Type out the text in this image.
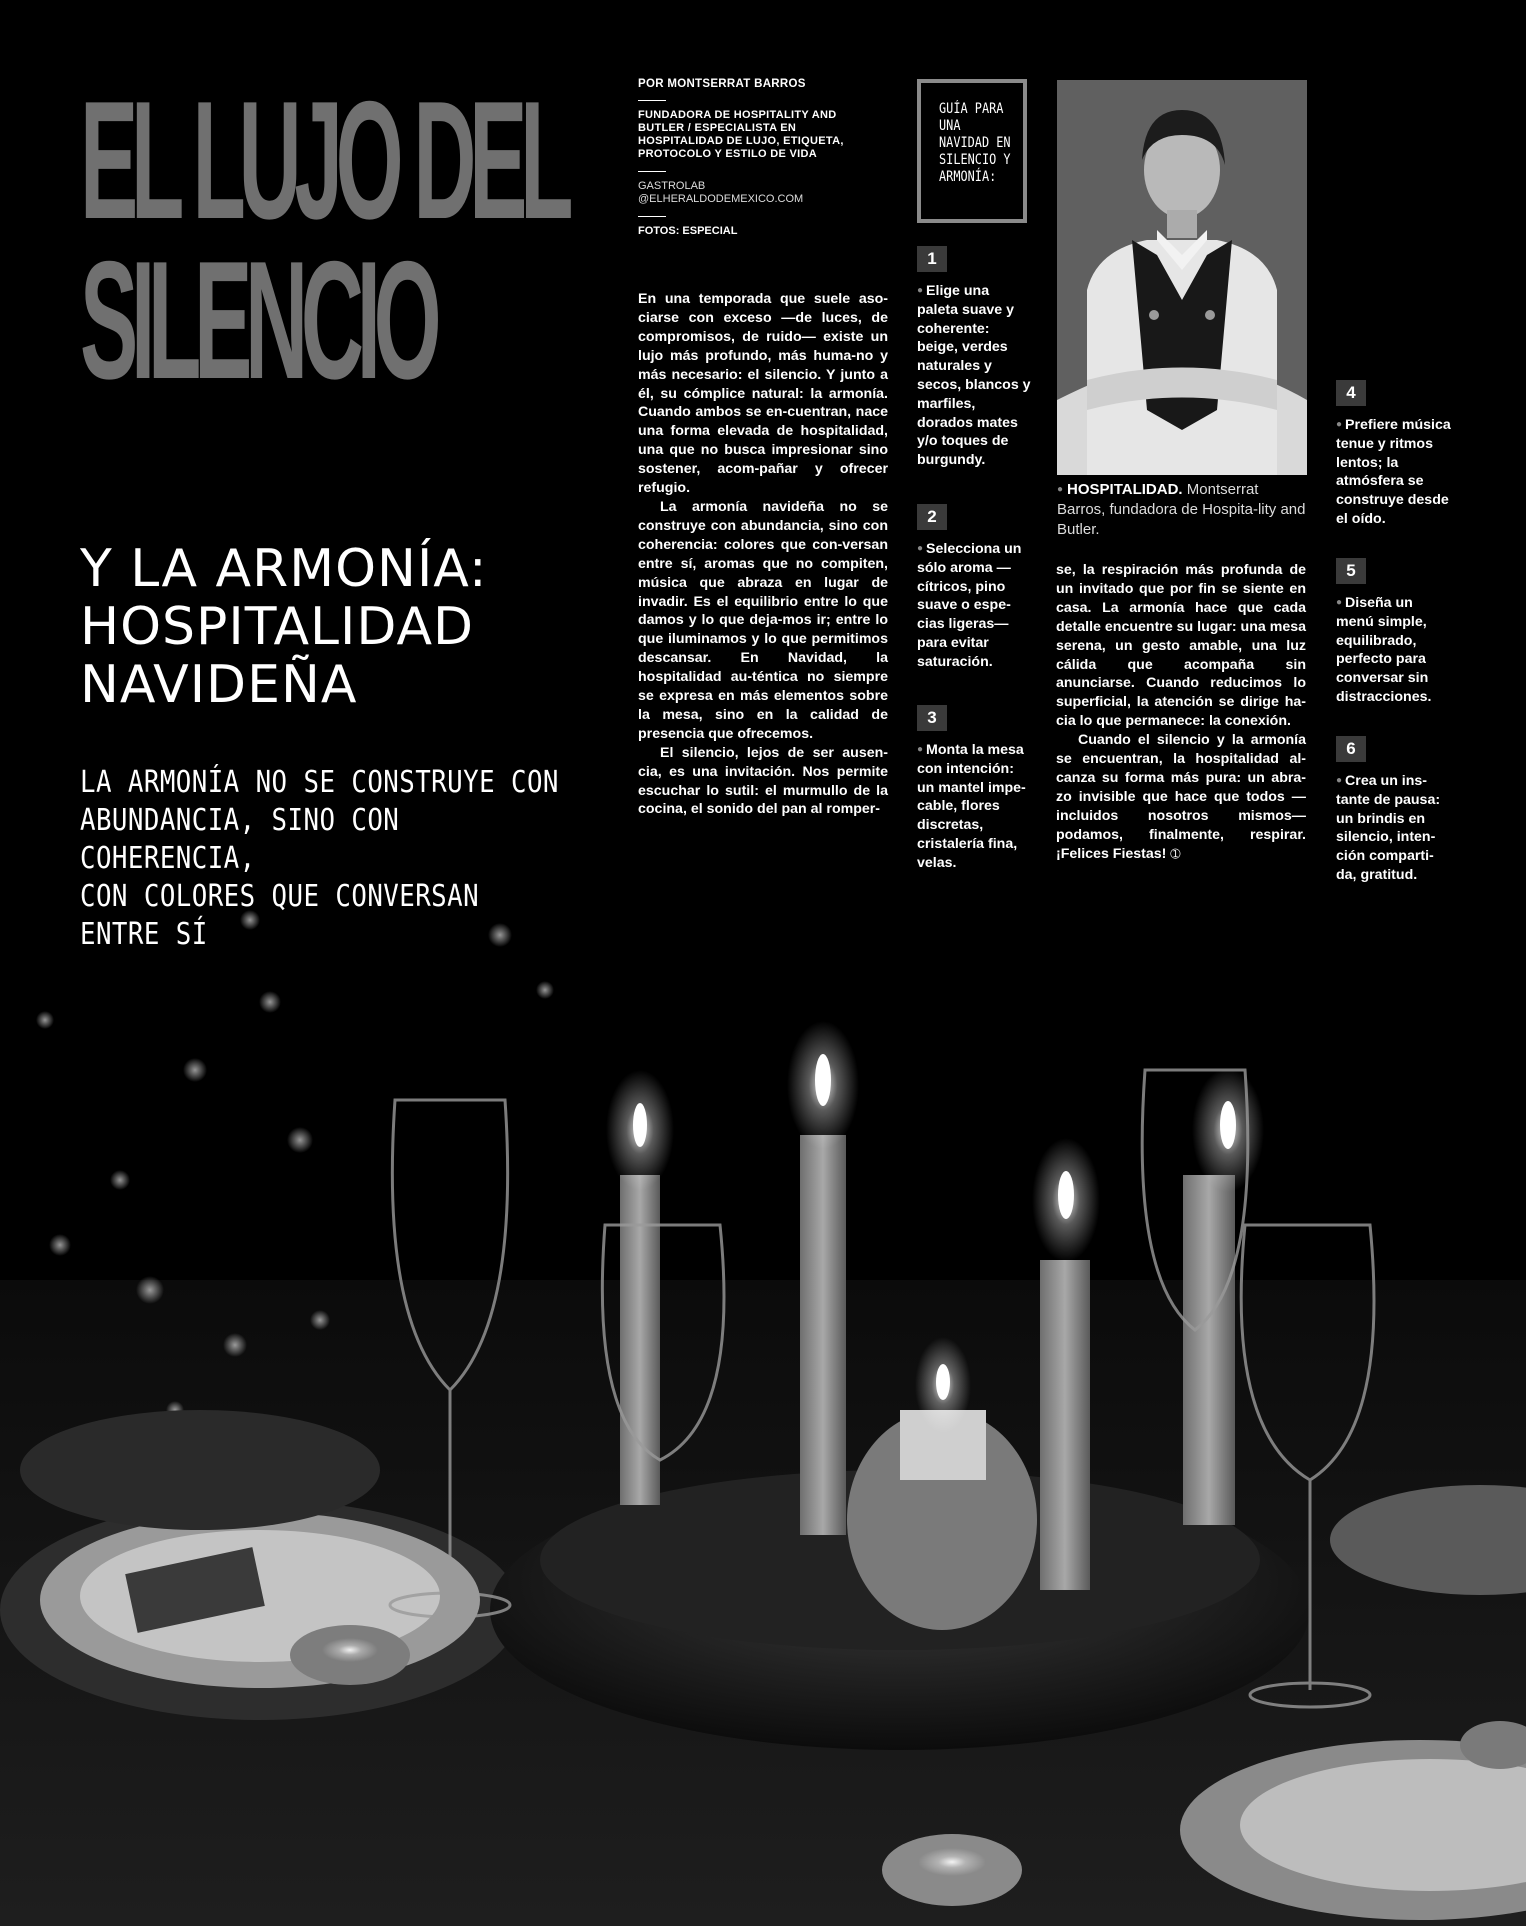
EL LUJO DEL
SILENCIO
Y LA ARMONÍA:
HOSPITALIDAD
NAVIDEÑA
LA ARMONÍA NO SE CONSTRUYE CON
ABUNDANCIA, SINO CON COHERENCIA,
CON COLORES QUE CONVERSAN ENTRE SÍ
POR MONTSERRAT BARROS
FUNDADORA DE HOSPITALITY AND BUTLER / ESPECIALISTA EN HOSPITALIDAD DE LUJO, ETIQUETA, PROTOCOLO Y ESTILO DE VIDA
GASTROLAB
@ELHERALDODEMEXICO.COM
FOTOS: ESPECIAL

En una temporada que suele aso-ciarse con exceso —de luces, de compromisos, de ruido— existe un lujo más profundo, más huma-no y más necesario: el silencio. Y junto a él, su cómplice natural: la armonía. Cuando ambos se en-cuentran, nace una forma elevada de hospitalidad, una que no busca impresionar sino sostener, acom-pañar y ofrecer refugio.

La armonía navideña no se construye con abundancia, sino con coherencia: colores que con-versan entre sí, aromas que no compiten, música que abraza en lugar de invadir. Es el equilibrio entre lo que damos y lo que deja-mos ir; entre lo que iluminamos y lo que permitimos descansar. En Navidad, la hospitalidad au-téntica no siempre se expresa en más elementos sobre la mesa, sino en la calidad de presencia que ofrecemos.

El silencio, lejos de ser ausen-cia, es una invitación. Nos permite escuchar lo sutil: el murmullo de la cocina, el sonido del pan al romper-

GUÍA PARA UNA NAVIDAD EN SILENCIO Y ARMONÍA:
1
● Elige una paleta suave y coherente: beige, verdes naturales y secos, blancos y marfiles, dorados mates y/o toques de burgundy.
2
● Selecciona un sólo aroma —cítricos, pino suave o espe-cias ligeras— para evitar saturación.
3
● Monta la mesa con intención: un mantel impe-cable, flores discretas, cristalería fina, velas.
● HOSPITALIDAD. Montserrat Barros, fundadora de Hospita-lity and Butler.

se, la respiración más profunda de un invitado que por fin se siente en casa. La armonía hace que cada detalle encuentre su lugar: una mesa serena, un gesto amable, una luz cálida que acompaña sin anunciarse. Cuando reducimos lo superficial, la atención se dirige ha-cia lo que permanece: la conexión.

Cuando el silencio y la armonía se encuentran, la hospitalidad al-canza su forma más pura: un abra-zo invisible que hace que todos —incluidos nosotros mismos— podamos, finalmente, respirar. ¡Felices Fiestas! ➀

4
● Prefiere música tenue y ritmos lentos; la atmósfera se construye desde el oído.
5
● Diseña un menú simple, equilibrado, perfecto para conversar sin distracciones.
6
● Crea un ins-tante de pausa: un brindis en silencio, inten-ción comparti-da, gratitud.
